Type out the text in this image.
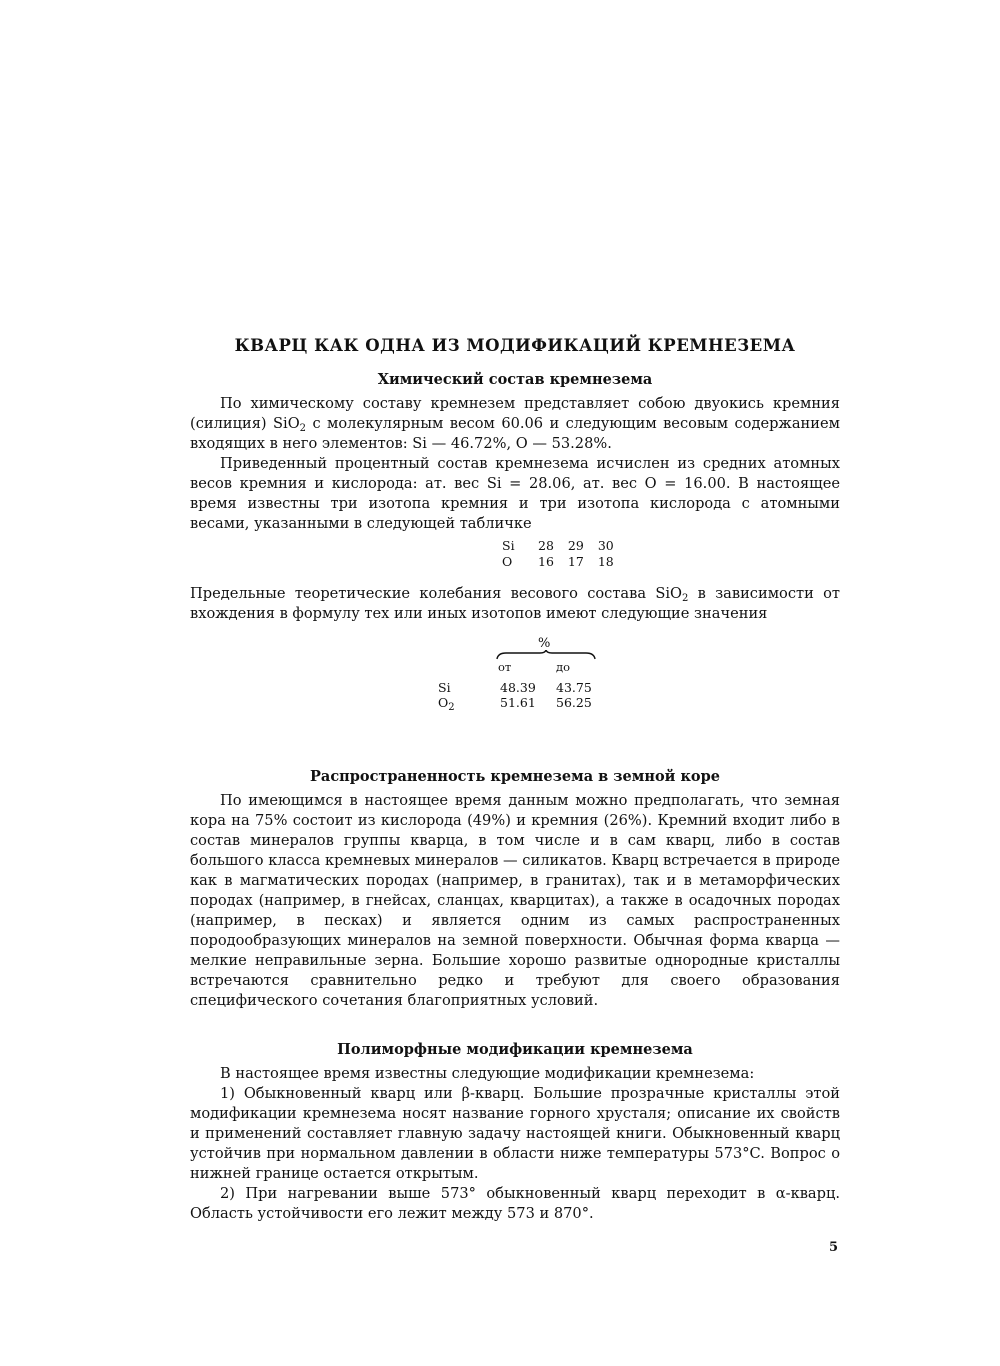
КВАРЦ КАК ОДНА ИЗ МОДИФИКАЦИЙ КРЕМНЕЗЕМА
Химический состав кремнезема

По химическому составу кремнезем представляет собою двуокись кремния (силиция) SiO$_2$ с молекулярным весом 60.06 и следующим весовым содержанием входящих в него элементов: Si — 46.72%, O — 53.28%.

Приведенный процентный состав кремнезема исчислен из средних атомных весов кремния и кислорода: ат. вес Si = 28.06, ат. вес O = 16.00. В настоящее время известны три изотопа кремния и три изотопа кислорода с атомными весами, указанными в следующей табличке

Si	28	29	30
O	16	17	18

Предельные теоретические колебания весового состава SiO$_2$ в зависимости от вхождения в формулу тех или иных изотопов имеют следующие значения

%
от	до
Si	48.39	43.75
$O_2$	51.61	56.25
Распространенность кремнезема в земной коре

По имеющимся в настоящее время данным можно предполагать, что земная кора на 75% состоит из кислорода (49%) и кремния (26%). Кремний входит либо в состав минералов группы кварца, в том числе и в сам кварц, либо в состав большого класса кремневых минералов — силикатов. Кварц встречается в природе как в магматических породах (например, в гранитах), так и в метаморфических породах (например, в гнейсах, сланцах, кварцитах), а также в осадочных породах (например, в песках) и является одним из самых распространенных породообразующих минералов на земной поверхности. Обычная форма кварца — мелкие неправильные зерна. Большие хорошо развитые однородные кристаллы встречаются сравнительно редко и требуют для своего образования специфического сочетания благоприятных условий.

Полиморфные модификации кремнезема

В настоящее время известны следующие модификации кремнезема:

1) Обыкновенный кварц или β-кварц. Большие прозрачные кристаллы этой модификации кремнезема носят название горного хрусталя; описание их свойств и применений составляет главную задачу настоящей книги. Обыкновенный кварц устойчив при нормальном давлении в области ниже температуры 573°C. Вопрос о нижней границе остается открытым.

2) При нагревании выше 573° обыкновенный кварц переходит в α-кварц. Область устойчивости его лежит между 573 и 870°.

5
